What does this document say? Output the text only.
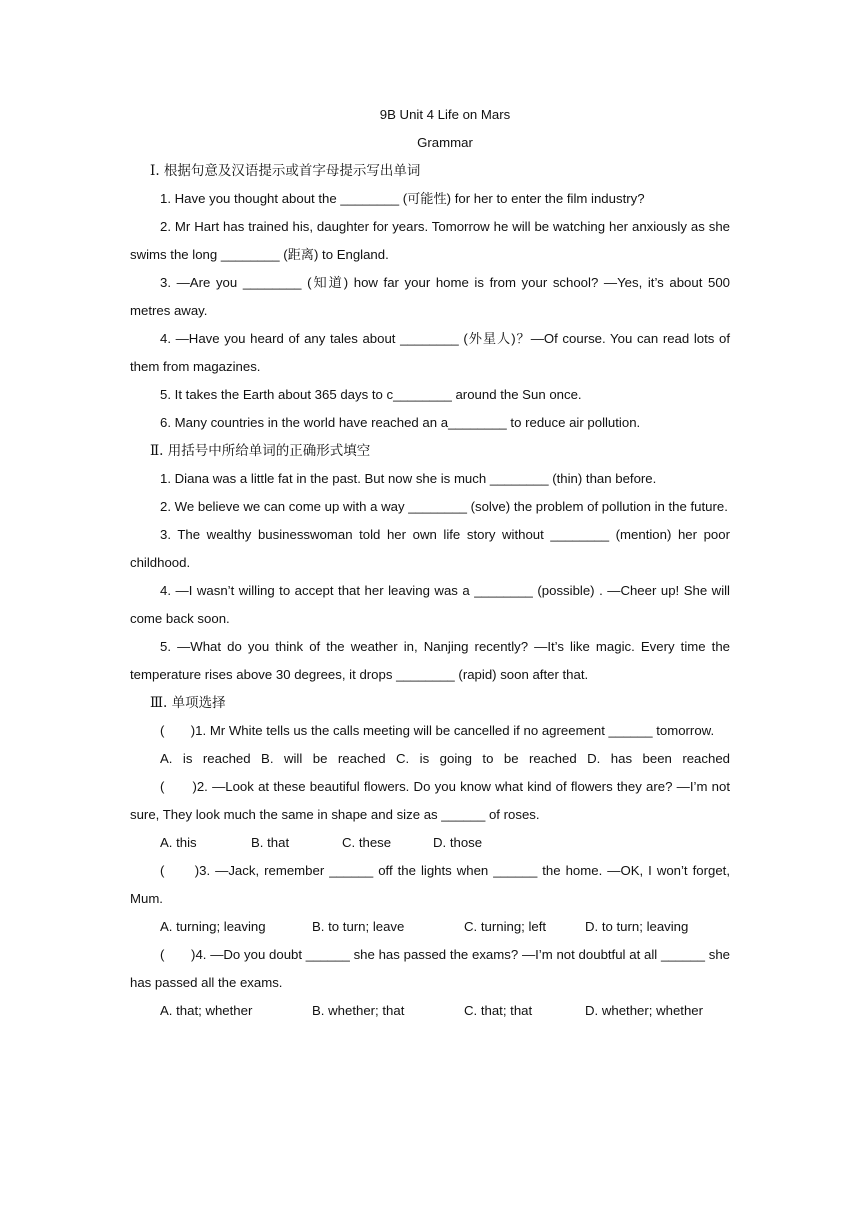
9B Unit 4 Life on Mars
Grammar
Ⅰ. 根据句意及汉语提示或首字母提示写出单词

1. Have you thought about the ________ (可能性) for her to enter the film industry?

2. Mr Hart has trained his, daughter for years. Tomorrow he will be watching her anxiously as she swims the long ________ (距离) to England.

3. —Are you ________ (知道) how far your home is from your school? —Yes, it’s about 500 metres away.

4. —Have you heard of any tales about ________ (外星人)？—Of course. You can read lots of them from magazines.

5. It takes the Earth about 365 days to c________ around the Sun once.

6. Many countries in the world have reached an a________ to reduce air pollution.

Ⅱ. 用括号中所给单词的正确形式填空

1. Diana was a little fat in the past. But now she is much ________ (thin) than before.

2. We believe we can come up with a way ________ (solve) the problem of pollution in the future.

3. The wealthy businesswoman told her own life story without ________ (mention) her poor childhood.

4. —I wasn’t willing to accept that her leaving was a ________ (possible) . —Cheer up! She will come back soon.

5. —What do you think of the weather in, Nanjing recently? —It’s like magic. Every time the temperature rises above 30 degrees, it drops ________ (rapid) soon after that.

Ⅲ. 单项选择

(　　)1. Mr White tells us the calls meeting will be cancelled if no agreement ______ tomorrow.

A. is reached B. will be reached C. is going to be reached D. has been reached

(　　)2. —Look at these beautiful flowers. Do you know what kind of flowers they are? —I’m not sure, They look much the same in shape and size as ______ of roses.

A. this	B. that	C. these	D. those

(　　)3. —Jack, remember ______ off the lights when ______ the home. —OK, I won’t forget, Mum.

A. turning; leaving	B. to turn; leave	C. turning; left	D. to turn; leaving

(　　)4. —Do you doubt ______ she has passed the exams? —I’m not doubtful at all ______ she has passed all the exams.

A. that; whether	B. whether; that	C. that; that	D. whether; whether
